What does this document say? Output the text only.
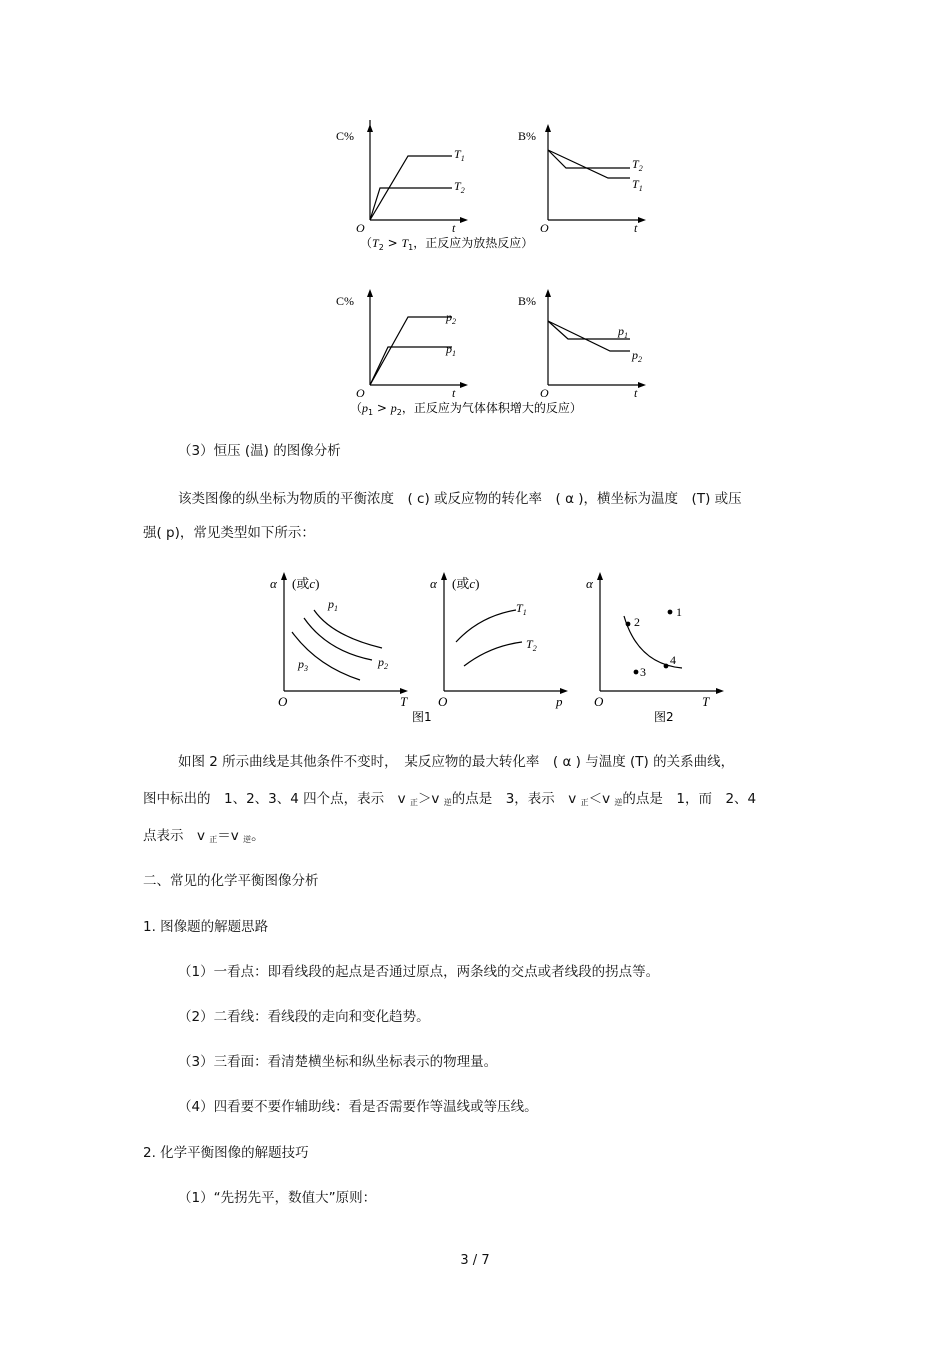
C%
O	t
$T_1$
$T_2$
B%
O	t
$T_2$
$T_1$
（$T_2 > T_1$，正反应为放热反应）
C%
O	t
$p_2$
$p_1$
B%
O	t
$p_1$
$p_2$
（$p_1 > p_2$，正反应为气体体积增大的反应）
（3）恒压 (温) 的图像分析
该类图像的纵坐标为物质的平衡浓度　( c) 或反应物的转化率　( α )，横坐标为温度　(T) 或压
强( p)，常见类型如下所示：
α (或c)
$p_1$
$p_2$
$p_3$
O	T
图1
α (或c)
$T_1$
$T_2$
O	p
1
2
3
4
α
O	T
图2
如图 2 所示曲线是其他条件不变时，　某反应物的最大转化率　( α ) 与温度 (T) 的关系曲线，
图中标出的　1、2、3、4 四个点，表示　v $_正$＞v $_逆$的点是　3，表示　v $_正$＜v $_逆$的点是　1，而　2、4
点表示　v $_正$＝v $_逆$。
二、常见的化学平衡图像分析
1. 图像题的解题思路
（1）一看点：即看线段的起点是否通过原点，两条线的交点或者线段的拐点等。
（2）二看线：看线段的走向和变化趋势。
（3）三看面：看清楚横坐标和纵坐标表示的物理量。
（4）四看要不要作辅助线：看是否需要作等温线或等压线。
2. 化学平衡图像的解题技巧
（1）“先拐先平，数值大”原则：
3 / 7
